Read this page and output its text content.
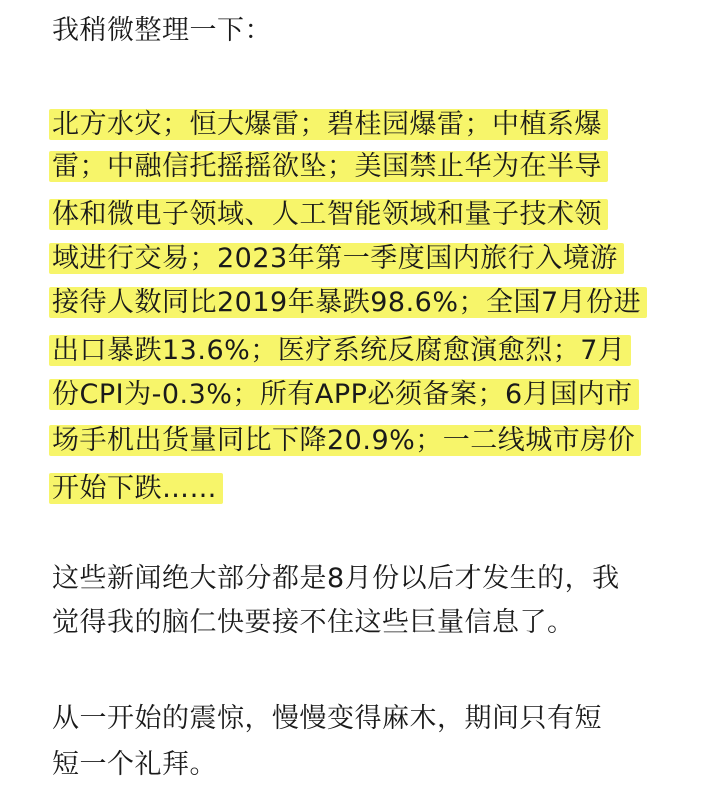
我稍微整理一下：
北方水灾；恒大爆雷；碧桂园爆雷；中植系爆
雷；中融信托摇摇欲坠；美国禁止华为在半导
体和微电子领域、人工智能领域和量子技术领
域进行交易；2023年第一季度国内旅行入境游
接待人数同比2019年暴跌98.6%；全国7月份进
出口暴跌13.6%；医疗系统反腐愈演愈烈；7月
份CPI为-0.3%；所有APP必须备案；6月国内市
场手机出货量同比下降20.9%；一二线城市房价
开始下跌……
这些新闻绝大部分都是8月份以后才发生的，我
觉得我的脑仁快要接不住这些巨量信息了。
从一开始的震惊，慢慢变得麻木，期间只有短
短一个礼拜。
